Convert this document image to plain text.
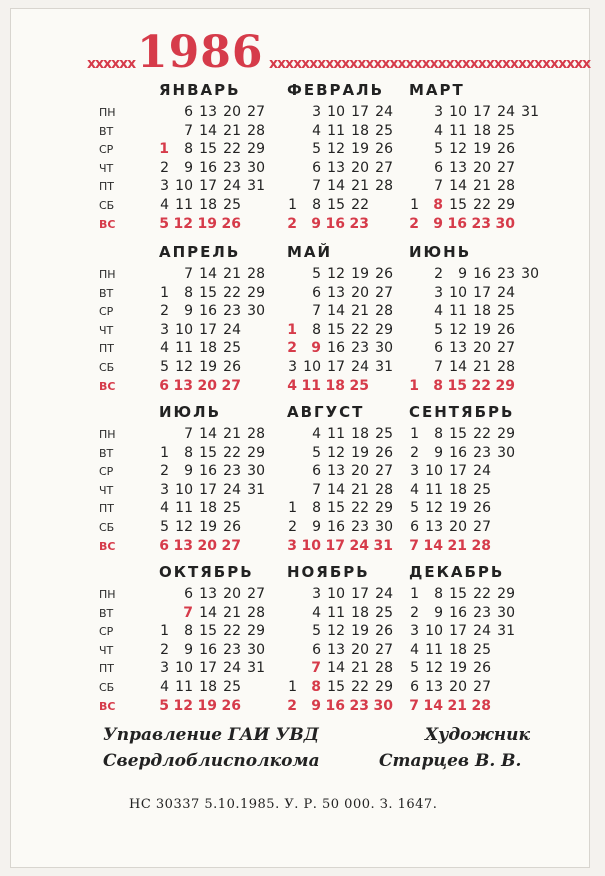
xxxxxx 1986 xxxxxxxxxxxxxxxxxxxxxxxxxxxxxxxxxxxxxxxx
ПН
ВТ
СР
ЧТ
ПТ
СБ
ВС
ПН
ВТ
СР
ЧТ
ПТ
СБ
ВС
ПН
ВТ
СР
ЧТ
ПТ
СБ
ВС
ПН
ВТ
СР
ЧТ
ПТ
СБ
ВС
ЯНВАРЬ
1
2
3
4
5
6
7
8
9
10
11
12
13
14
15
16
17
18
19
20
21
22
23
24
25
26
27
28
29
30
31
ФЕВРАЛЬ
1
2
3
4
5
6
7
8
9
10
11
12
13
14
15
16
17
18
19
20
21
22
23
24
25
26
27
28
МАРТ
1
2
3
4
5
6
7
8
9
10
11
12
13
14
15
16
17
18
19
20
21
22
23
24
25
26
27
28
29
30
31
АПРЕЛЬ
1
2
3
4
5
6
7
8
9
10
11
12
13
14
15
16
17
18
19
20
21
22
23
24
25
26
27
28
29
30
МАЙ
1
2
3
4
5
6
7
8
9
10
11
12
13
14
15
16
17
18
19
20
21
22
23
24
25
26
27
28
29
30
31
ИЮНЬ
1
2
3
4
5
6
7
8
9
10
11
12
13
14
15
16
17
18
19
20
21
22
23
24
25
26
27
28
29
30
ИЮЛЬ
1
2
3
4
5
6
7
8
9
10
11
12
13
14
15
16
17
18
19
20
21
22
23
24
25
26
27
28
29
30
31
АВГУСТ
1
2
3
4
5
6
7
8
9
10
11
12
13
14
15
16
17
18
19
20
21
22
23
24
25
26
27
28
29
30
31
СЕНТЯБРЬ
1
2
3
4
5
6
7
8
9
10
11
12
13
14
15
16
17
18
19
20
21
22
23
24
25
26
27
28
29
30
ОКТЯБРЬ
1
2
3
4
5
6
7
8
9
10
11
12
13
14
15
16
17
18
19
20
21
22
23
24
25
26
27
28
29
30
31
НОЯБРЬ
1
2
3
4
5
6
7
8
9
10
11
12
13
14
15
16
17
18
19
20
21
22
23
24
25
26
27
28
29
30
ДЕКАБРЬ
1
2
3
4
5
6
7
8
9
10
11
12
13
14
15
16
17
18
19
20
21
22
23
24
25
26
27
28
29
30
31
Управление ГАИ УВД
Свердлоблисполкома
Художник
Старцев В. В.
НС 30337 5.10.1985. У. Р. 50 000. З. 1647.
